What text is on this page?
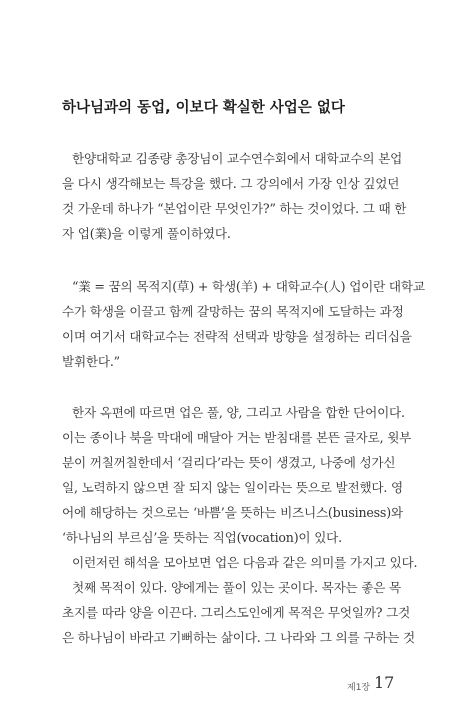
하나님과의 동업, 이보다 확실한 사업은 없다
한양대학교 김종량 총장님이 교수연수회에서 대학교수의 본업
을 다시 생각해보는 특강을 했다. 그 강의에서 가장 인상 깊었던
것 가운데 하나가 “본업이란 무엇인가?” 하는 것이었다. 그 때 한
자 업(業)을 이렇게 풀이하였다.
“業 = 꿈의 목적지(草) + 학생(羊) + 대학교수(人) 업이란 대학교
수가 학생을 이끌고 함께 갈망하는 꿈의 목적지에 도달하는 과정
이며 여기서 대학교수는 전략적 선택과 방향을 설정하는 리더십을
발휘한다.”
한자 옥편에 따르면 업은 풀, 양, 그리고 사람을 합한 단어이다.
이는 종이나 북을 막대에 매달아 거는 받침대를 본뜬 글자로, 윗부
분이 꺼칠꺼칠한데서 ‘걸리다’라는 뜻이 생겼고, 나중에 성가신
일, 노력하지 않으면 잘 되지 않는 일이라는 뜻으로 발전했다. 영
어에 해당하는 것으로는 ‘바쁨’을 뜻하는 비즈니스(business)와
‘하나님의 부르심’을 뜻하는 직업(vocation)이 있다.
이런저런 해석을 모아보면 업은 다음과 같은 의미를 가지고 있다.
첫째 목적이 있다. 양에게는 풀이 있는 곳이다. 목자는 좋은 목
초지를 따라 양을 이끈다. 그리스도인에게 목적은 무엇일까? 그것
은 하나님이 바라고 기뻐하는 삶이다. 그 나라와 그 의를 구하는 것
제1장 17
